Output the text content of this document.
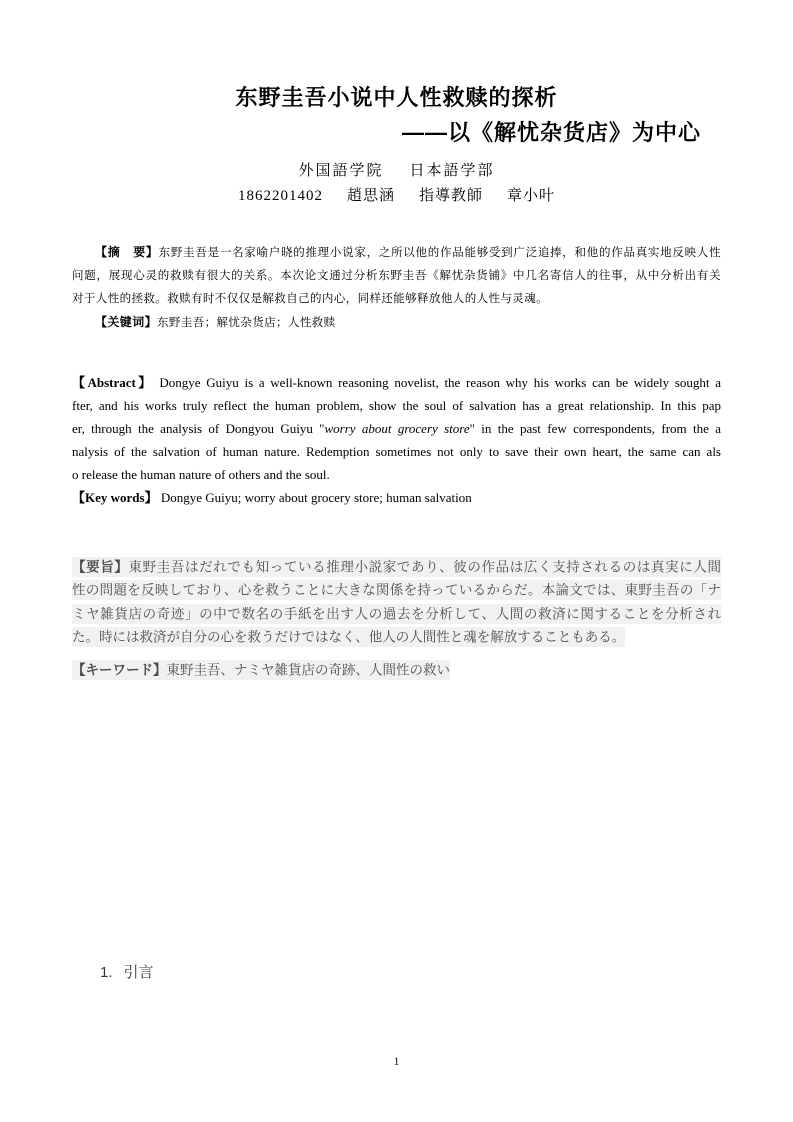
东野圭吾小说中人性救赎的探析
——以《解忧杂货店》为中心
外国語学院 日本語学部
1862201402 趙思涵 指導教師 章小叶
【摘　要】东野圭吾是一名家喻户晓的推理小说家，之所以他的作品能够受到广泛追捧，和他的作品真实地反映人性
问题，展现心灵的救赎有很大的关系。本次论文通过分析东野圭吾《解忧杂货铺》中几名寄信人的往事，从中分析出有关
对于人性的拯救。救赎有时不仅仅是解救自己的内心，同样还能够释放他人的人性与灵魂。
【关键词】东野圭吾；解忧杂货店；人性救赎
【Abstract】 Dongye Guiyu is a well-known reasoning novelist, the reason why his works can be widely sought a
fter, and his works truly reflect the human problem, show the soul of salvation has a great relationship. In this pap
er, through the analysis of Dongyou Guiyu "worry about grocery store" in the past few correspondents, from the a
nalysis of the salvation of human nature. Redemption sometimes not only to save their own heart, the same can als
o release the human nature of others and the soul.
【Key words】 Dongye Guiyu; worry about grocery store; human salvation
【要旨】東野圭吾はだれでも知っている推理小説家であり、彼の作品は広く支持されるのは真実に人間
性の問題を反映しており、心を救うことに大きな関係を持っているからだ。本論文では、東野圭吾の「ナ
ミヤ雑貨店の奇迹」の中で数名の手紙を出す人の過去を分析して、人間の救済に関することを分析され
た。時には救済が自分の心を救うだけではなく、他人の人間性と魂を解放することもある。
【キーワード】東野圭吾、ナミヤ雑貨店の奇跡、人間性の救い
1. 引言
1
